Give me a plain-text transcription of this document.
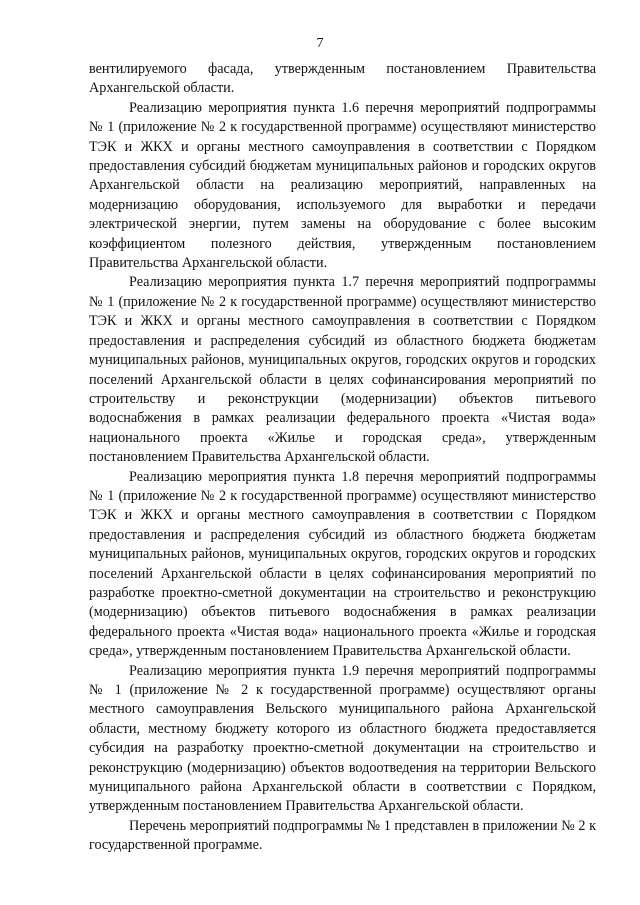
7

вентилируемого фасада, утвержденным постановлением Правительства Архангельской области.

Реализацию мероприятия пункта 1.6 перечня мероприятий подпрограммы № 1 (приложение № 2 к государственной программе) осуществляют министерство ТЭК и ЖКХ и органы местного самоуправления в соответствии с Порядком предоставления субсидий бюджетам муниципальных районов и городских округов Архангельской области на реализацию мероприятий, направленных на модернизацию оборудования, используемого для выработки и передачи электрической энергии, путем замены на оборудование с более высоким коэффициентом полезного действия, утвержденным постановлением Правительства Архангельской области.

Реализацию мероприятия пункта 1.7 перечня мероприятий подпрограммы № 1 (приложение № 2 к государственной программе) осуществляют министерство ТЭК и ЖКХ и органы местного самоуправления в соответствии с Порядком предоставления и распределения субсидий из областного бюджета бюджетам муниципальных районов, муниципальных округов, городских округов и городских поселений Архангельской области в целях софинансирования мероприятий по строительству и реконструкции (модернизации) объектов питьевого водоснабжения в рамках реализации федерального проекта «Чистая вода» национального проекта «Жилье и городская среда», утвержденным постановлением Правительства Архангельской области.

Реализацию мероприятия пункта 1.8 перечня мероприятий подпрограммы № 1 (приложение № 2 к государственной программе) осуществляют министерство ТЭК и ЖКХ и органы местного самоуправления в соответствии с Порядком предоставления и распределения субсидий из областного бюджета бюджетам муниципальных районов, муниципальных округов, городских округов и городских поселений Архангельской области в целях софинансирования мероприятий по разработке проектно-сметной документации на строительство и реконструкцию (модернизацию) объектов питьевого водоснабжения в рамках реализации федерального проекта «Чистая вода» национального проекта «Жилье и городская среда», утвержденным постановлением Правительства Архангельской области.

Реализацию мероприятия пункта 1.9 перечня мероприятий подпрограммы № 1 (приложение № 2 к государственной программе) осуществляют органы местного самоуправления Вельского муниципального района Архангельской области, местному бюджету которого из областного бюджета предоставляется субсидия на разработку проектно-сметной документации на строительство и реконструкцию (модернизацию) объектов водоотведения на территории Вельского муниципального района Архангельской области в соответствии с Порядком, утвержденным постановлением Правительства Архангельской области.

Перечень мероприятий подпрограммы № 1 представлен в приложении № 2 к государственной программе.
